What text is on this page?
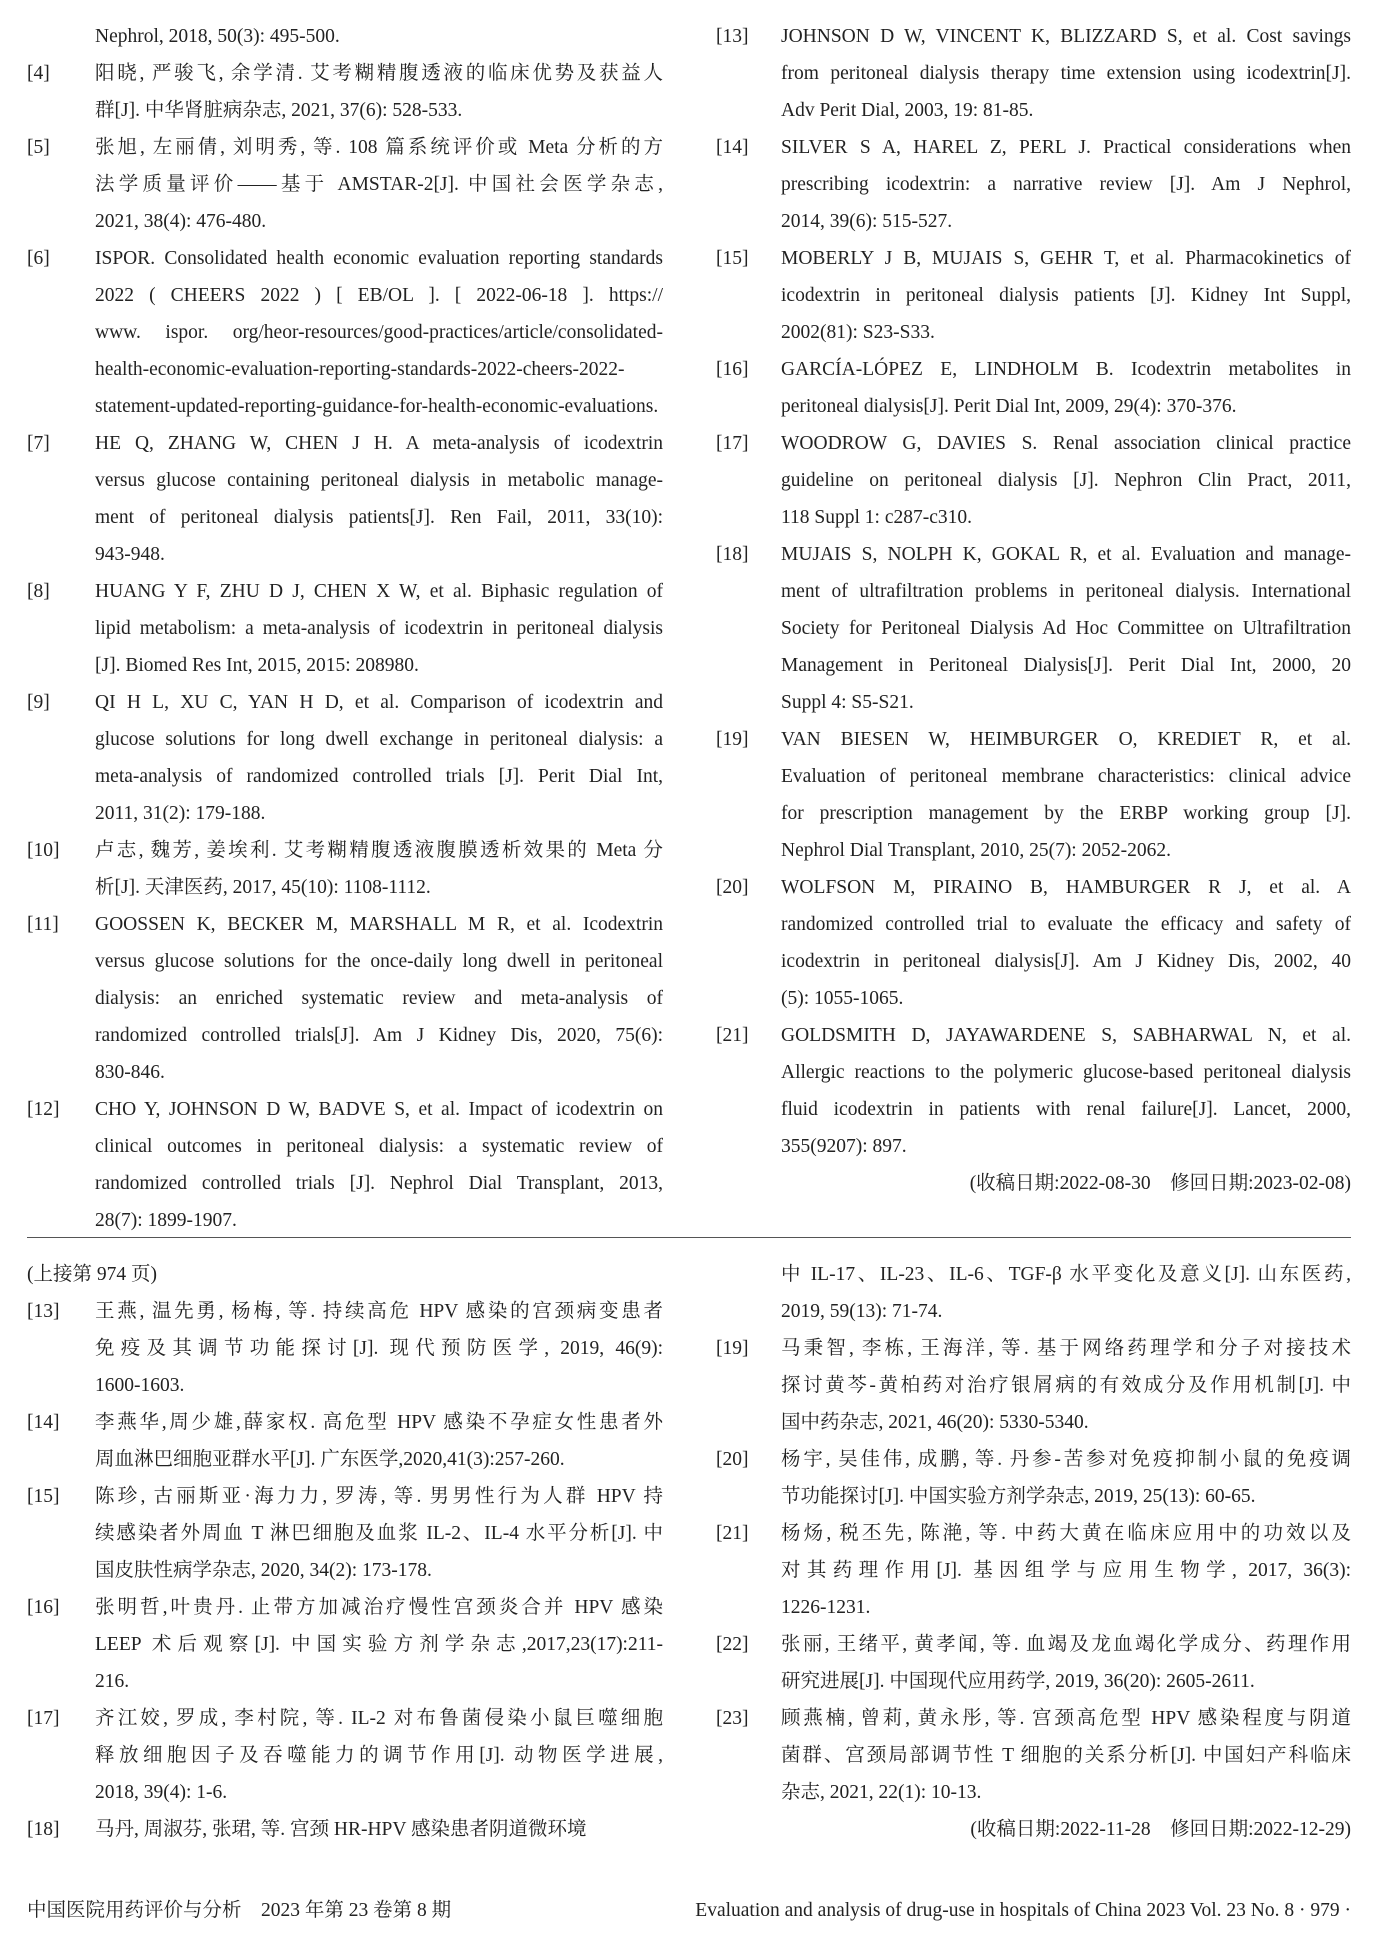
Nephrol, 2018, 50(3): 495-500.
[4] 阳晓, 严骏飞, 余学清. 艾考糊精腹透液的临床优势及获益人
群[J]. 中华肾脏病杂志, 2021, 37(6): 528-533.
[5] 张旭, 左丽倩, 刘明秀, 等. 108 篇系统评价或 Meta 分析的方
法学质量评价——基于 AMSTAR-2[J]. 中国社会医学杂志,
2021, 38(4): 476-480.
[6] ISPOR. Consolidated health economic evaluation reporting standards
2022 ( CHEERS 2022 ) [ EB/OL ]. [ 2022-06-18 ]. https://
www. ispor. org/heor-resources/good-practices/article/consolidated-
health-economic-evaluation-reporting-standards-2022-cheers-2022-
statement-updated-reporting-guidance-for-health-economic-evaluations.
[7] HE Q, ZHANG W, CHEN J H. A meta-analysis of icodextrin
versus glucose containing peritoneal dialysis in metabolic manage-
ment of peritoneal dialysis patients[J]. Ren Fail, 2011, 33(10):
943-948.
[8] HUANG Y F, ZHU D J, CHEN X W, et al. Biphasic regulation of
lipid metabolism: a meta-analysis of icodextrin in peritoneal dialysis
[J]. Biomed Res Int, 2015, 2015: 208980.
[9] QI H L, XU C, YAN H D, et al. Comparison of icodextrin and
glucose solutions for long dwell exchange in peritoneal dialysis: a
meta-analysis of randomized controlled trials [J]. Perit Dial Int,
2011, 31(2): 179-188.
[10] 卢志, 魏芳, 姜埃利. 艾考糊精腹透液腹膜透析效果的 Meta 分
析[J]. 天津医药, 2017, 45(10): 1108-1112.
[11] GOOSSEN K, BECKER M, MARSHALL M R, et al. Icodextrin
versus glucose solutions for the once-daily long dwell in peritoneal
dialysis: an enriched systematic review and meta-analysis of
randomized controlled trials[J]. Am J Kidney Dis, 2020, 75(6):
830-846.
[12] CHO Y, JOHNSON D W, BADVE S, et al. Impact of icodextrin on
clinical outcomes in peritoneal dialysis: a systematic review of
randomized controlled trials [J]. Nephrol Dial Transplant, 2013,
28(7): 1899-1907.
[13] JOHNSON D W, VINCENT K, BLIZZARD S, et al. Cost savings
from peritoneal dialysis therapy time extension using icodextrin[J].
Adv Perit Dial, 2003, 19: 81-85.
[14] SILVER S A, HAREL Z, PERL J. Practical considerations when
prescribing icodextrin: a narrative review [J]. Am J Nephrol,
2014, 39(6): 515-527.
[15] MOBERLY J B, MUJAIS S, GEHR T, et al. Pharmacokinetics of
icodextrin in peritoneal dialysis patients [J]. Kidney Int Suppl,
2002(81): S23-S33.
[16] GARCÍA-LÓPEZ E, LINDHOLM B. Icodextrin metabolites in
peritoneal dialysis[J]. Perit Dial Int, 2009, 29(4): 370-376.
[17] WOODROW G, DAVIES S. Renal association clinical practice
guideline on peritoneal dialysis [J]. Nephron Clin Pract, 2011,
118 Suppl 1: c287-c310.
[18] MUJAIS S, NOLPH K, GOKAL R, et al. Evaluation and manage-
ment of ultrafiltration problems in peritoneal dialysis. International
Society for Peritoneal Dialysis Ad Hoc Committee on Ultrafiltration
Management in Peritoneal Dialysis[J]. Perit Dial Int, 2000, 20
Suppl 4: S5-S21.
[19] VAN BIESEN W, HEIMBURGER O, KREDIET R, et al.
Evaluation of peritoneal membrane characteristics: clinical advice
for prescription management by the ERBP working group [J].
Nephrol Dial Transplant, 2010, 25(7): 2052-2062.
[20] WOLFSON M, PIRAINO B, HAMBURGER R J, et al. A
randomized controlled trial to evaluate the efficacy and safety of
icodextrin in peritoneal dialysis[J]. Am J Kidney Dis, 2002, 40
(5): 1055-1065.
[21] GOLDSMITH D, JAYAWARDENE S, SABHARWAL N, et al.
Allergic reactions to the polymeric glucose-based peritoneal dialysis
fluid icodextrin in patients with renal failure[J]. Lancet, 2000,
355(9207): 897.
(收稿日期:2022-08-30　修回日期:2023-02-08)
(上接第 974 页)
[13] 王燕, 温先勇, 杨梅, 等. 持续高危 HPV 感染的宫颈病变患者
免疫及其调节功能探讨[J]. 现代预防医学, 2019, 46(9):
1600-1603.
[14] 李燕华,周少雄,薛家权. 高危型 HPV 感染不孕症女性患者外
周血淋巴细胞亚群水平[J]. 广东医学,2020,41(3):257-260.
[15] 陈珍, 古丽斯亚·海力力, 罗涛, 等. 男男性行为人群 HPV 持
续感染者外周血 T 淋巴细胞及血浆 IL-2、IL-4 水平分析[J]. 中
国皮肤性病学杂志, 2020, 34(2): 173-178.
[16] 张明哲,叶贵丹. 止带方加减治疗慢性宫颈炎合并 HPV 感染
LEEP 术后观察[J]. 中国实验方剂学杂志,2017,23(17):211-
216.
[17] 齐江姣, 罗成, 李村院, 等. IL-2 对布鲁菌侵染小鼠巨噬细胞
释放细胞因子及吞噬能力的调节作用[J]. 动物医学进展,
2018, 39(4): 1-6.
[18] 马丹, 周淑芬, 张珺, 等. 宫颈 HR-HPV 感染患者阴道微环境
中 IL-17、IL-23、IL-6、TGF-β 水平变化及意义[J]. 山东医药,
2019, 59(13): 71-74.
[19] 马秉智, 李栋, 王海洋, 等. 基于网络药理学和分子对接技术
探讨黄芩-黄柏药对治疗银屑病的有效成分及作用机制[J]. 中
国中药杂志, 2021, 46(20): 5330-5340.
[20] 杨宇, 吴佳伟, 成鹏, 等. 丹参-苦参对免疫抑制小鼠的免疫调
节功能探讨[J]. 中国实验方剂学杂志, 2019, 25(13): 60-65.
[21] 杨炀, 税丕先, 陈滟, 等. 中药大黄在临床应用中的功效以及
对其药理作用[J]. 基因组学与应用生物学, 2017, 36(3):
1226-1231.
[22] 张丽, 王绪平, 黄孝闻, 等. 血竭及龙血竭化学成分、药理作用
研究进展[J]. 中国现代应用药学, 2019, 36(20): 2605-2611.
[23] 顾燕楠, 曾莉, 黄永彤, 等. 宫颈高危型 HPV 感染程度与阴道
菌群、宫颈局部调节性 T 细胞的关系分析[J]. 中国妇产科临床
杂志, 2021, 22(1): 10-13.
(收稿日期:2022-11-28　修回日期:2022-12-29)
中国医院用药评价与分析　2023 年第 23 卷第 8 期	Evaluation and analysis of drug-use in hospitals of China 2023 Vol. 23 No. 8 · 979 ·
